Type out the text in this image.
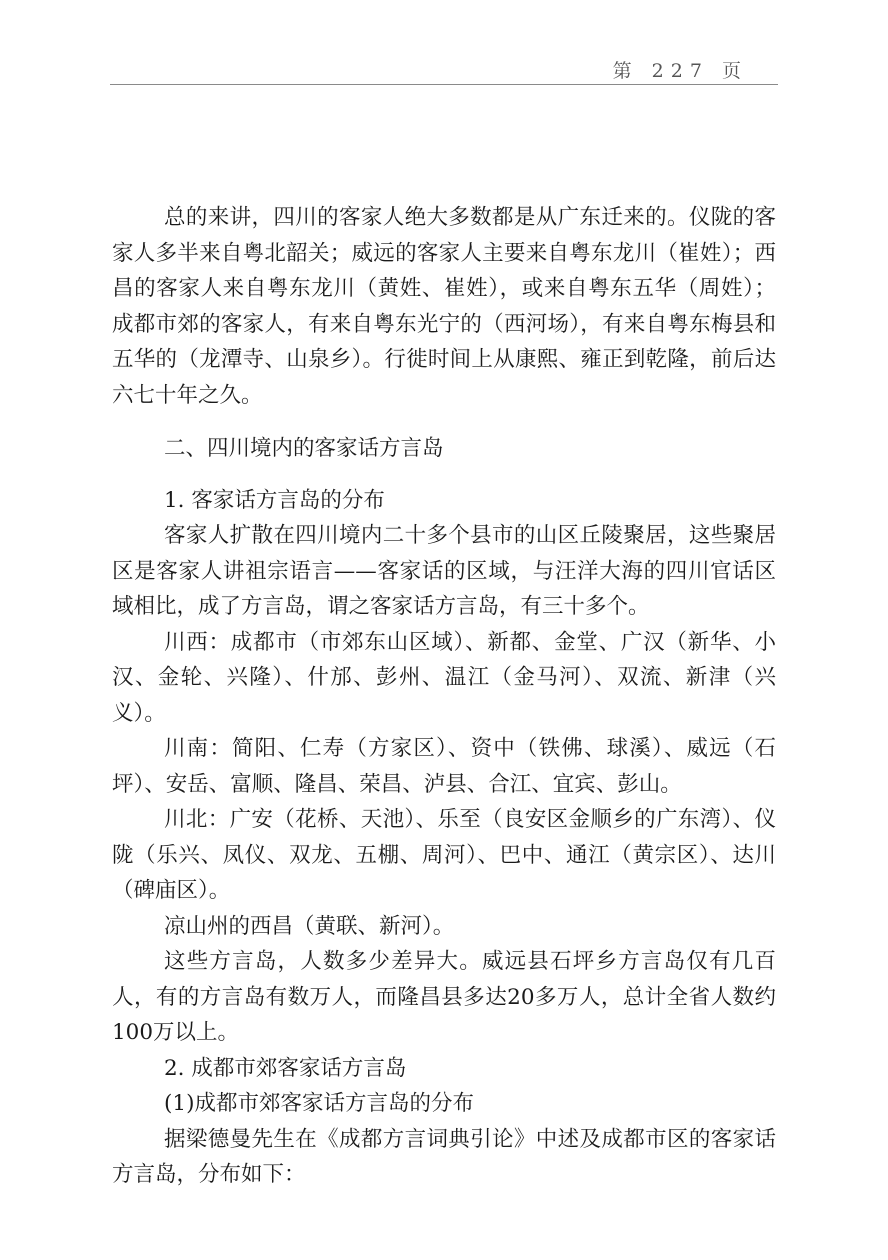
第 227 页

总的来讲，四川的客家人绝大多数都是从广东迁来的。仪陇的客家人多半来自粤北韶关；威远的客家人主要来自粤东龙川（崔姓）；西昌的客家人来自粤东龙川（黄姓、崔姓），或来自粤东五华（周姓）；成都市郊的客家人，有来自粤东光宁的（西河场），有来自粤东梅县和五华的（龙潭寺、山泉乡）。行徙时间上从康熙、雍正到乾隆，前后达六七十年之久。

二、四川境内的客家话方言岛

1. 客家话方言岛的分布

客家人扩散在四川境内二十多个县市的山区丘陵聚居，这些聚居区是客家人讲祖宗语言——客家话的区域，与汪洋大海的四川官话区域相比，成了方言岛，谓之客家话方言岛，有三十多个。

川西：成都市（市郊东山区域）、新都、金堂、广汉（新华、小汉、金轮、兴隆）、什邡、彭州、温江（金马河）、双流、新津（兴义）。

川南：简阳、仁寿（方家区）、资中（铁佛、球溪）、威远（石坪）、安岳、富顺、隆昌、荣昌、泸县、合江、宜宾、彭山。

川北：广安（花桥、天池）、乐至（良安区金顺乡的广东湾）、仪陇（乐兴、凤仪、双龙、五棚、周河）、巴中、通江（黄宗区）、达川（碑庙区）。

凉山州的西昌（黄联、新河）。

这些方言岛，人数多少差异大。威远县石坪乡方言岛仅有几百人，有的方言岛有数万人，而隆昌县多达20多万人，总计全省人数约100万以上。

2. 成都市郊客家话方言岛

(1)成都市郊客家话方言岛的分布

据梁德曼先生在《成都方言词典引论》中述及成都市区的客家话方言岛，分布如下：
